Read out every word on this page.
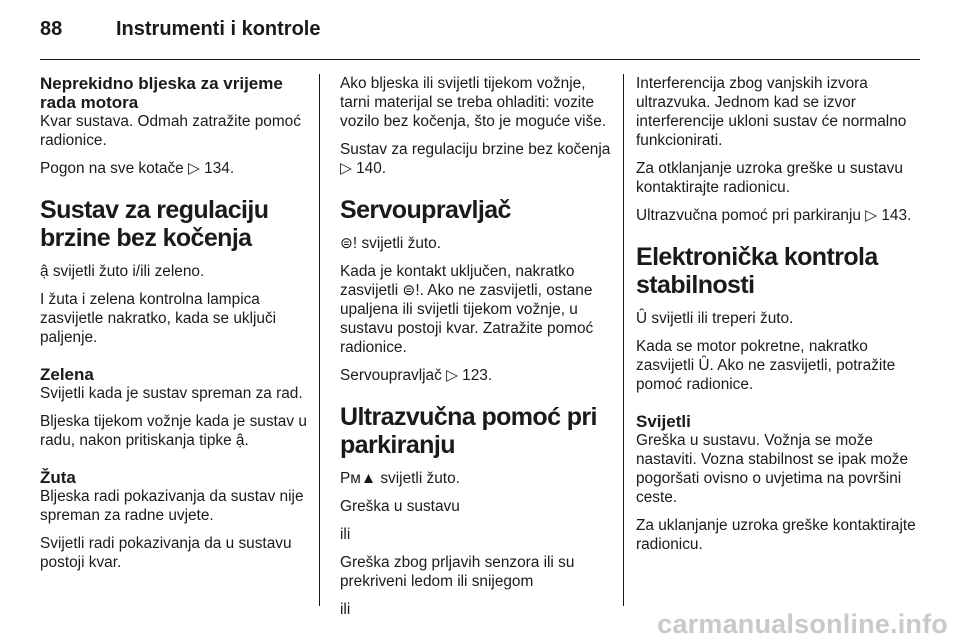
88	Instrumenti i kontrole
Neprekidno bljeska za vrijeme rada motora

Kvar sustava. Odmah zatražite pomoć radionice.

Pogon na sve kotače ▷ 134.

Sustav za regulaciju brzine bez kočenja

ậ svijetli žuto i/ili zeleno.

I žuta i zelena kontrolna lampica zasvijetle nakratko, kada se uključi paljenje.

Zelena

Svijetli kada je sustav spreman za rad.

Bljeska tijekom vožnje kada je sustav u radu, nakon pritiskanja tipke ậ.

Žuta

Bljeska radi pokazivanja da sustav nije spreman za radne uvjete.

Svijetli radi pokazivanja da u sustavu postoji kvar.

Ako bljeska ili svijetli tijekom vožnje, tarni materijal se treba ohladiti: vozite vozilo bez kočenja, što je moguće više.

Sustav za regulaciju brzine bez kočenja ▷ 140.

Servoupravljač

⊜! svijetli žuto.

Kada je kontakt uključen, nakratko zasvijetli ⊜!. Ako ne zasvijetli, ostane upaljena ili svijetli tijekom vožnje, u sustavu postoji kvar. Zatražite pomoć radionice.

Servoupravljač ▷ 123.

Ultrazvučna pomoć pri parkiranju

Pᴍ▲ svijetli žuto.

Greška u sustavu

ili

Greška zbog prljavih senzora ili su prekriveni ledom ili snijegom

ili

Interferencija zbog vanjskih izvora ultrazvuka. Jednom kad se izvor interferencije ukloni sustav će normalno funkcionirati.

Za otklanjanje uzroka greške u sustavu kontaktirajte radionicu.

Ultrazvučna pomoć pri parkiranju ▷ 143.

Elektronička kontrola stabilnosti

Ȗ svijetli ili treperi žuto.

Kada se motor pokretne, nakratko zasvijetli Ȗ. Ako ne zasvijetli, potražite pomoć radionice.

Svijetli

Greška u sustavu. Vožnja se može nastaviti. Vozna stabilnost se ipak može pogoršati ovisno o uvjetima na površini ceste.

Za uklanjanje uzroka greške kontaktirajte radionicu.

carmanualsonline.info
